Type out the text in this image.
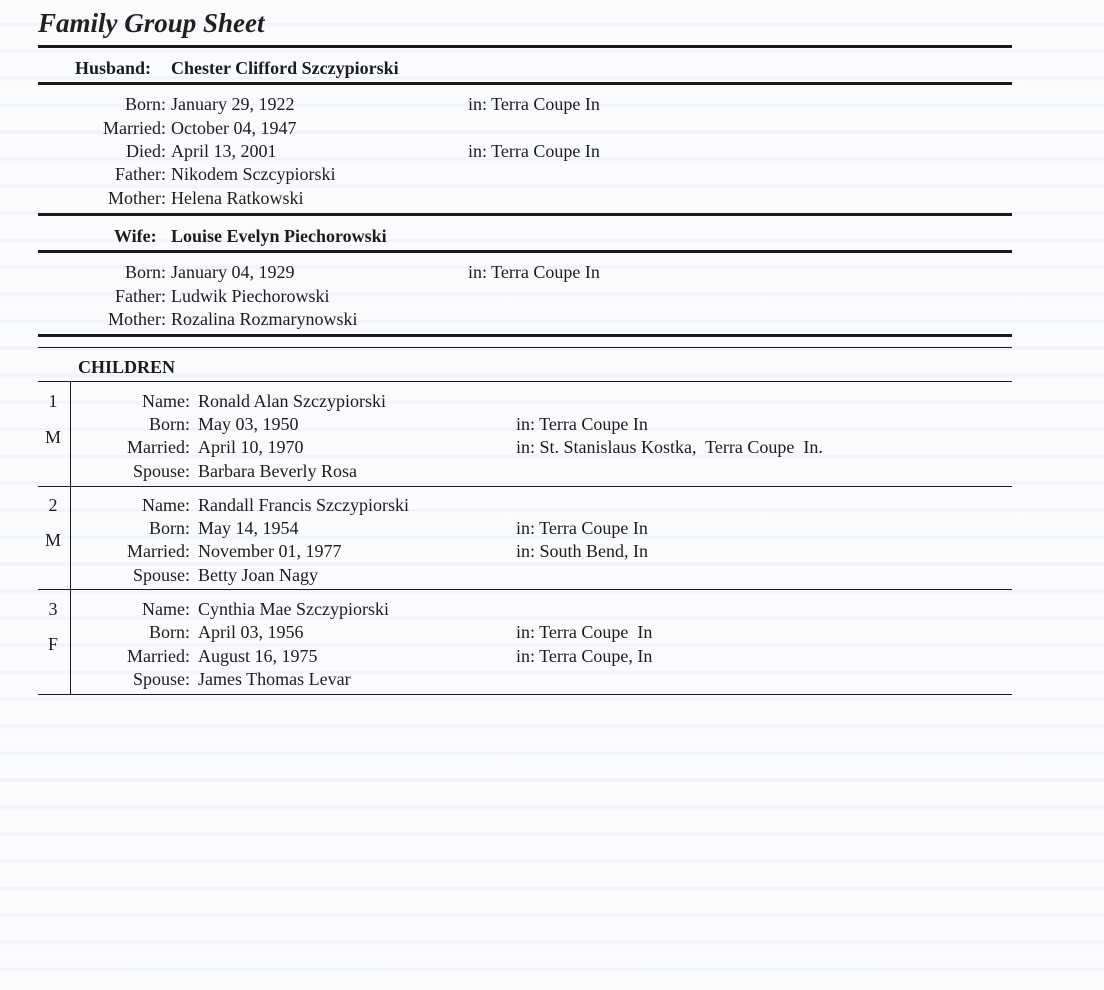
Family Group Sheet
Husband: Chester Clifford Szczypiorski
Born: January 29, 1922	in: Terra Coupe In
Married: October 04, 1947
Died: April 13, 2001	in: Terra Coupe In
Father: Nikodem Sczcypiorski
Mother: Helena Ratkowski
Wife: Louise Evelyn Piechorowski
Born: January 04, 1929	in: Terra Coupe In
Father: Ludwik Piechorowski
Mother: Rozalina Rozmarynowski
CHILDREN
1
M
Name: Ronald Alan Szczypiorski
Born: May 03, 1950	in: Terra Coupe In
Married: April 10, 1970	in: St. Stanislaus Kostka,  Terra Coupe  In.
Spouse: Barbara Beverly Rosa
2
M
Name: Randall Francis Szczypiorski
Born: May 14, 1954	in: Terra Coupe In
Married: November 01, 1977	in: South Bend, In
Spouse: Betty Joan Nagy
3
F
Name: Cynthia Mae Szczypiorski
Born: April 03, 1956	in: Terra Coupe  In
Married: August 16, 1975	in: Terra Coupe, In
Spouse: James Thomas Levar
